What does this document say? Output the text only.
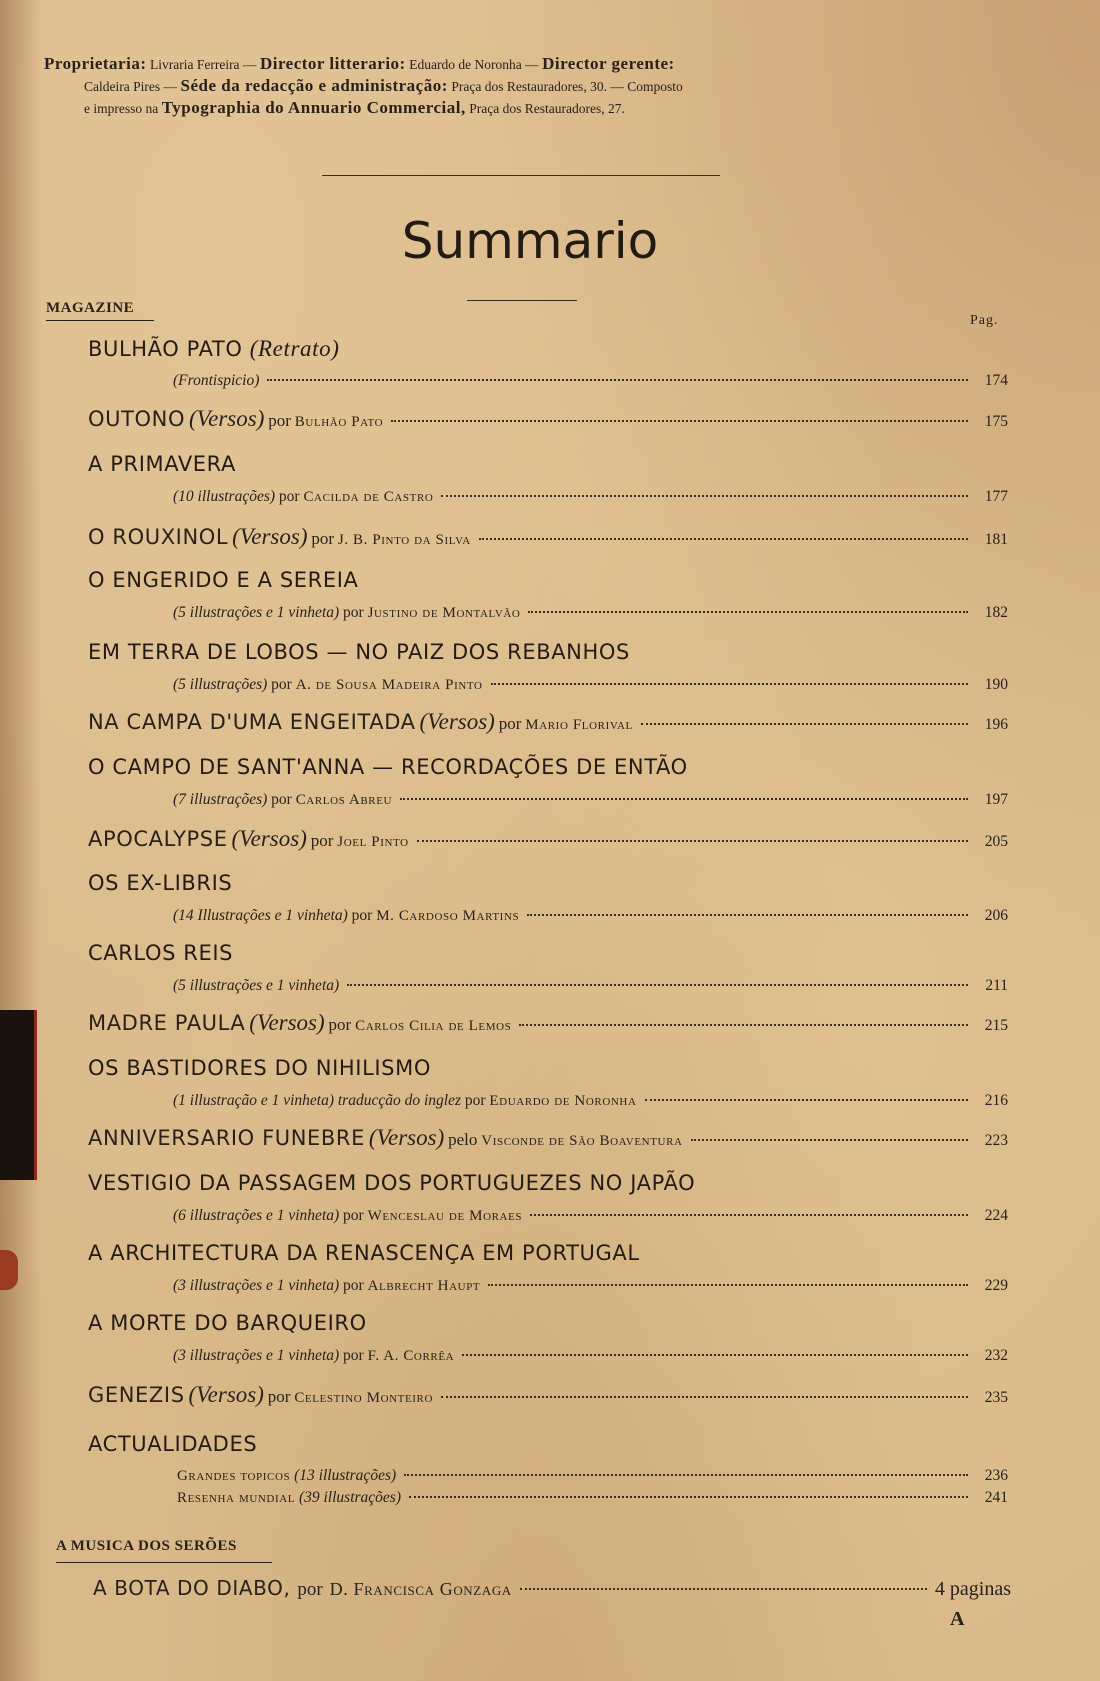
Proprietaria: Livraria Ferreira — Director litterario: Eduardo de Noronha — Director gerente:
Caldeira Pires — Séde da redacção e administração: Praça dos Restauradores, 30. — Composto
e impresso na Typographia do Annuario Commercial, Praça dos Restauradores, 27.
Summario
MAGAZINE
Pag.
BULHÃO PATO (Retrato)
(Frontispicio)	174
OUTONO (Versos) por Bulhão Pato	175
A PRIMAVERA
(10 illustrações) por Cacilda de Castro	177
O ROUXINOL (Versos) por J. B. Pinto da Silva	181
O ENGERIDO E A SEREIA
(5 illustrações e 1 vinheta) por Justino de Montalvão	182
EM TERRA DE LOBOS — NO PAIZ DOS REBANHOS
(5 illustrações) por A. de Sousa Madeira Pinto	190
NA CAMPA D'UMA ENGEITADA (Versos) por Mario Florival	196
O CAMPO DE SANT'ANNA — RECORDAÇÕES DE ENTÃO
(7 illustrações) por Carlos Abreu	197
APOCALYPSE (Versos) por Joel Pinto	205
OS EX-LIBRIS
(14 Illustrações e 1 vinheta) por M. Cardoso Martins	206
CARLOS REIS
(5 illustrações e 1 vinheta)	211
MADRE PAULA (Versos) por Carlos Cilia de Lemos	215
OS BASTIDORES DO NIHILISMO
(1 illustração e 1 vinheta) traducção do inglez por Eduardo de Noronha	216
ANNIVERSARIO FUNEBRE (Versos) pelo Visconde de São Boaventura	223
VESTIGIO DA PASSAGEM DOS PORTUGUEZES NO JAPÃO
(6 illustrações e 1 vinheta) por Wenceslau de Moraes	224
A ARCHITECTURA DA RENASCENÇA EM PORTUGAL
(3 illustrações e 1 vinheta) por Albrecht Haupt	229
A MORTE DO BARQUEIRO
(3 illustrações e 1 vinheta) por F. A. Corrêa	232
GENEZIS (Versos) por Celestino Monteiro	235
ACTUALIDADES
Grandes topicos (13 illustrações)	236
Resenha mundial (39 illustrações)	241
A MUSICA DOS SERÕES
A BOTA DO DIABO, por D. Francisca Gonzaga	4 paginas
A
